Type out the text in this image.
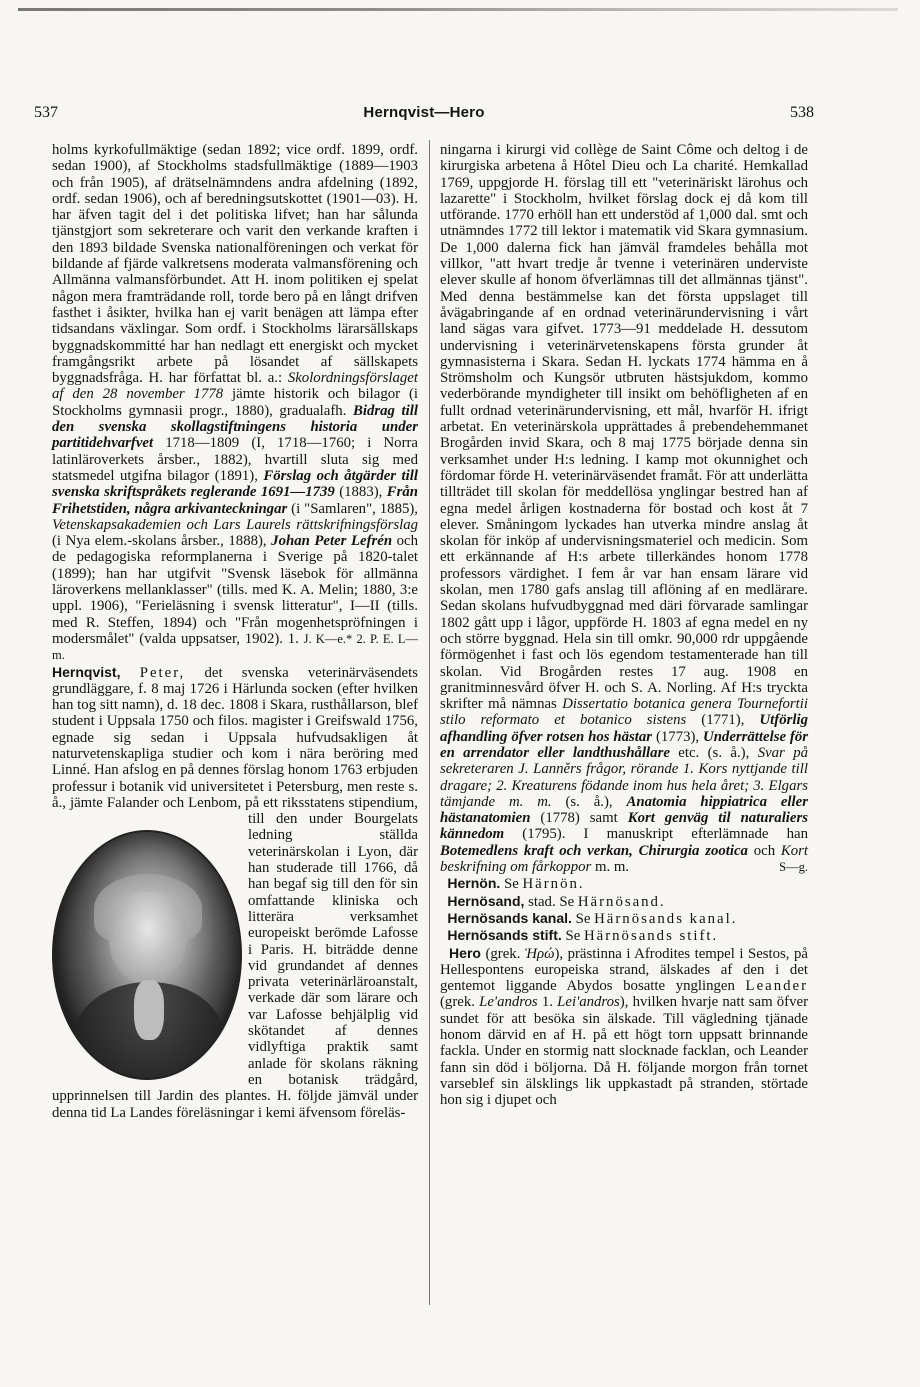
537	Hernqvist—Hero	538

holms kyrkofullmäktige (sedan 1892; vice ordf. 1899, ordf. sedan 1900), af Stockholms stadsfullmäktige (1889—1903 och från 1905), af drätselnämndens andra afdelning (1892, ordf. sedan 1906), och af beredningsutskottet (1901—03). H. har äfven tagit del i det politiska lifvet; han har sålunda tjänstgjort som sekreterare och varit den verkande kraften i den 1893 bildade Svenska nationalföreningen och verkat för bildande af fjärde valkretsens moderata valmansförening och Allmänna valmansförbundet. Att H. inom politiken ej spelat någon mera framträdande roll, torde bero på en långt drifven fasthet i åsikter, hvilka han ej varit benägen att lämpa efter tidsandans växlingar. Som ordf. i Stockholms lärarsällskaps byggnadskommitté har han nedlagt ett energiskt och mycket framgångsrikt arbete på lösandet af sällskapets byggnadsfråga. H. har författat bl. a.: Skolordningsförslaget af den 28 november 1778 jämte historik och bilagor (i Stockholms gymnasii progr., 1880), gradualafh. Bidrag till den svenska skollagstiftningens historia under partitidehvarfvet 1718—1809 (I, 1718—1760; i Norra latinläroverkets årsber., 1882), hvartill sluta sig med statsmedel utgifna bilagor (1891), Förslag och åtgärder till svenska skriftspråkets reglerande 1691—1739 (1883), Från Frihetstiden, några arkivanteckningar (i "Samlaren", 1885), Vetenskapsakademien och Lars Laurels rättskrifningsförslag (i Nya elem.-skolans årsber., 1888), Johan Peter Lefrén och de pedagogiska reformplanerna i Sverige på 1820-talet (1899); han har utgifvit "Svensk läsebok för allmänna läroverkens mellanklasser" (tills. med K. A. Melin; 1880, 3:e uppl. 1906), "Ferieläsning i svensk litteratur", I—II (tills. med R. Steffen, 1894) och "Från mogenhetspröfningen i modersmålet" (valda uppsatser, 1902). 1. J. K—e.* 2. P. E. L—m.

Hernqvist, Peter, det svenska veterinärväsendets grundläggare, f. 8 maj 1726 i Härlunda socken (efter hvilken han tog sitt namn), d. 18 dec. 1808 i Skara, rusthållarson, blef student i Uppsala 1750 och filos. magister i Greifswald 1756, egnade sig sedan i Uppsala hufvudsakligen åt naturvetenskapliga studier och kom i nära beröring med Linné. Han afslog en på dennes förslag honom 1763 erbjuden professur i botanik vid universitetet i Petersburg, men reste s. å., jämte Falander och Lenbom, på ett riksstatens stipendium, till den under Bourgelats ledning ställda veterinärskolan i Lyon, där han studerade till 1766, då han begaf sig till den för sin omfattande kliniska och litterära verksamhet europeiskt berömde Lafosse i Paris. H. biträdde denne vid grundandet af dennes privata veterinärläroanstalt, verkade där som lärare och var Lafosse behjälplig vid skötandet af dennes vidlyftiga praktik samt anlade för skolans räkning en botanisk trädgård, upprinnelsen till Jardin des plantes. H. följde jämväl under denna tid La Landes föreläsningar i kemi äfvensom föreläs-

ningarna i kirurgi vid collège de Saint Côme och deltog i de kirurgiska arbetena å Hôtel Dieu och La charité. Hemkallad 1769, uppgjorde H. förslag till ett "veterinäriskt lärohus och lazarette" i Stockholm, hvilket förslag dock ej då kom till utförande. 1770 erhöll han ett understöd af 1,000 dal. smt och utnämndes 1772 till lektor i matematik vid Skara gymnasium. De 1,000 dalerna fick han jämväl framdeles behålla mot villkor, "att hvart tredje år tvenne i veterinären underviste elever skulle af honom öfverlämnas till det allmännas tjänst". Med denna bestämmelse kan det första uppslaget till åvägabringande af en ordnad veterinärundervisning i vårt land sägas vara gifvet. 1773—91 meddelade H. dessutom undervisning i veterinärvetenskapens första grunder åt gymnasisterna i Skara. Sedan H. lyckats 1774 hämma en å Strömsholm och Kungsör utbruten hästsjukdom, kommo vederbörande myndigheter till insikt om behöfligheten af en fullt ordnad veterinärundervisning, ett mål, hvarför H. ifrigt arbetat. En veterinärskola upprättades å prebendehemmanet Brogården invid Skara, och 8 maj 1775 började denna sin verksamhet under H:s ledning. I kamp mot okunnighet och fördomar förde H. veterinärväsendet framåt. För att underlätta tillträdet till skolan för meddellösa ynglingar bestred han af egna medel årligen kostnaderna för bostad och kost åt 7 elever. Småningom lyckades han utverka mindre anslag åt skolan för inköp af undervisningsmateriel och medicin. Som ett erkännande af H:s arbete tillerkändes honom 1778 professors värdighet. I fem år var han ensam lärare vid skolan, men 1780 gafs anslag till aflöning af en medlärare. Sedan skolans hufvudbyggnad med däri förvarade samlingar 1802 gått upp i lågor, uppförde H. 1803 af egna medel en ny och större byggnad. Hela sin till omkr. 90,000 rdr uppgående förmögenhet i fast och lös egendom testamenterade han till skolan. Vid Brogården restes 17 aug. 1908 en granitminnesvård öfver H. och S. A. Norling. Af H:s tryckta skrifter må nämnas Dissertatio botanica genera Tournefortii stilo reformato et botanico sistens (1771), Utförlig afhandling öfver rotsen hos hästar (1773), Underrättelse för en arrendator eller landthushållare etc. (s. å.), Svar på sekreteraren J. Lanněrs frågor, rörande 1. Kors nyttjande till dragare; 2. Kreaturens födande inom hus hela året; 3. Elgars tämjande m. m. (s. å.), Anatomia hippiatrica eller hästanatomien (1778) samt Kort genväg til naturaliers kännedom (1795). I manuskript efterlämnade han Botemedlens kraft och verkan, Chirurgia zootica och Kort beskrifning om fårkoppor m. m.	S—g.

Hernön. Se Härnön.

Hernösand, stad. Se Härnösand.

Hernösands kanal. Se Härnösands kanal.

Hernösands stift. Se Härnösands stift.

Hero (grek. Ἡρώ), prästinna i Afrodites tempel i Sestos, på Hellespontens europeiska strand, älskades af den i det gentemot liggande Abydos bosatte ynglingen Leander (grek. Le'andros 1. Lei'andros), hvilken hvarje natt sam öfver sundet för att besöka sin älskade. Till vägledning tjänade honom därvid en af H. på ett högt torn uppsatt brinnande fackla. Under en stormig natt slocknade facklan, och Leander fann sin död i böljorna. Då H. följande morgon från tornet varseblef sin älsklings lik uppkastadt på stranden, störtade hon sig i djupet och
